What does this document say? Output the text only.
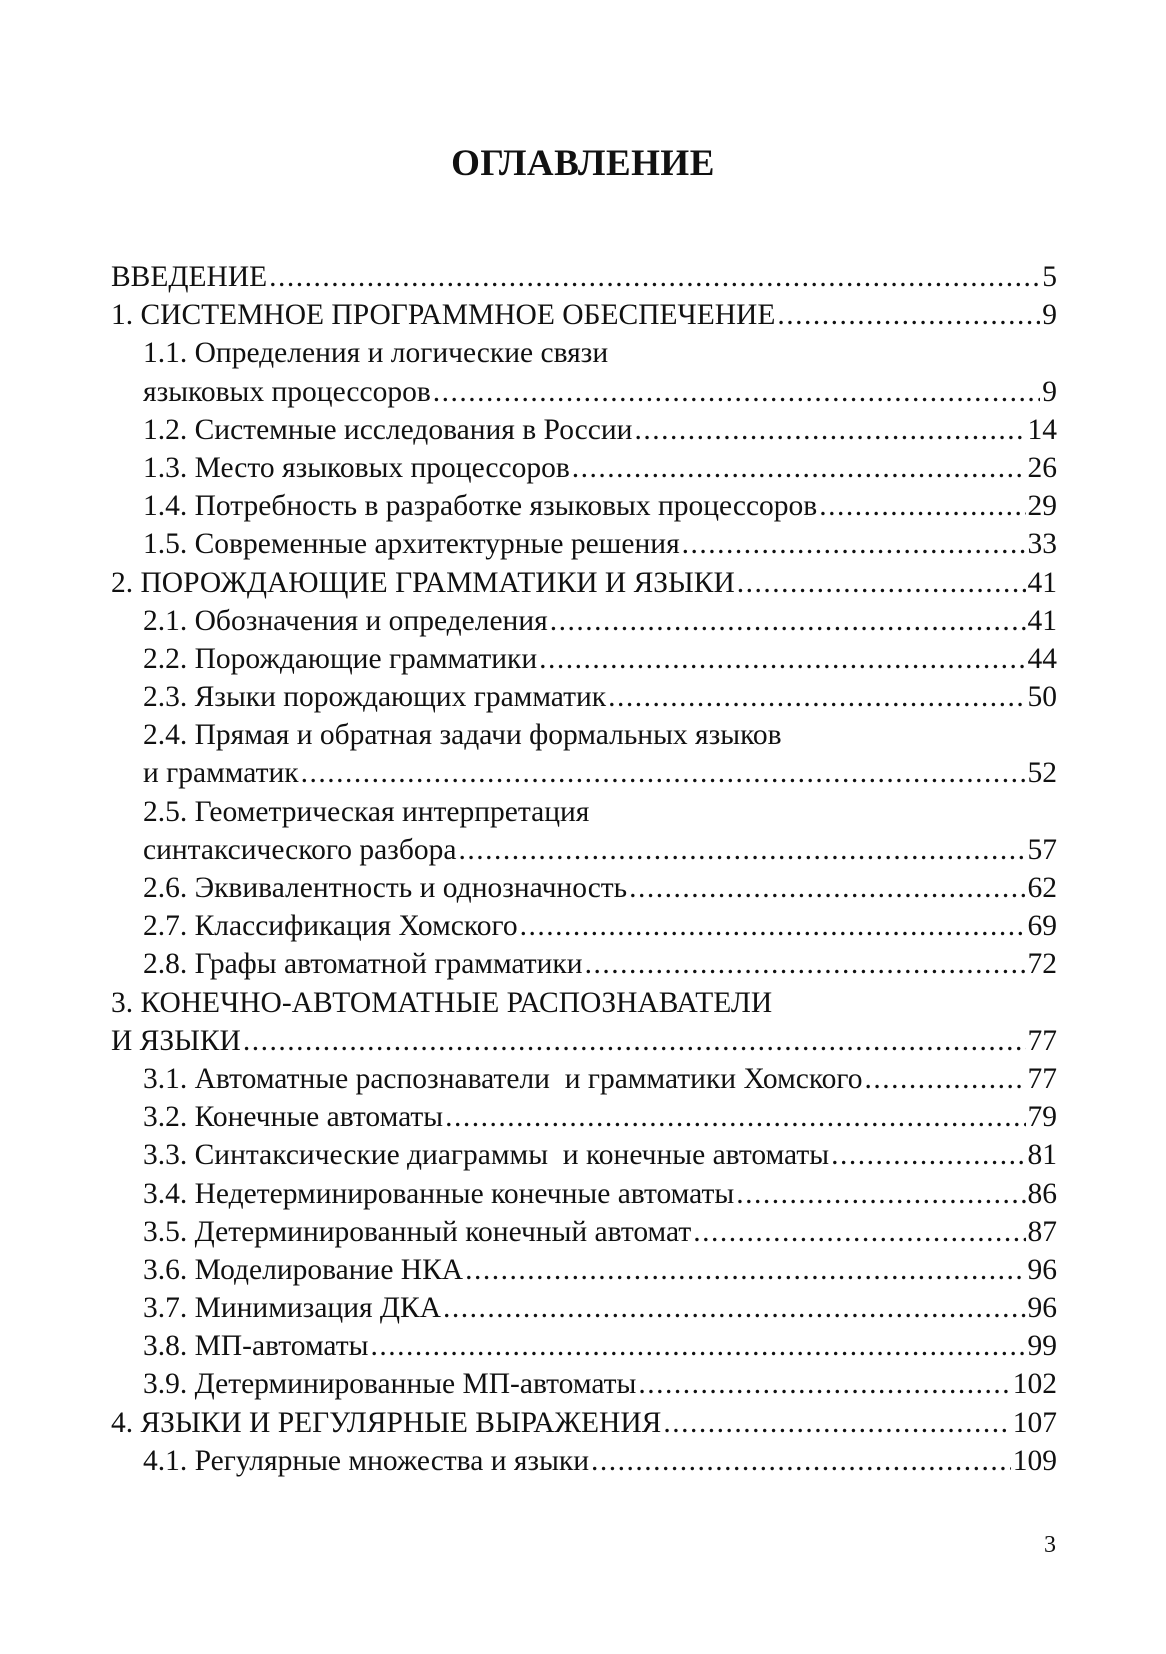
ОГЛАВЛЕНИЕ
ВВЕДЕНИЕ .....	5
1. СИСТЕМНОЕ ПРОГРАММНОЕ ОБЕСПЕЧЕНИЕ .....	9
1.1. Определения и логические связи
языковых процессоров .....	9
1.2. Системные исследования в России .....	14
1.3. Место языковых процессоров .....	26
1.4. Потребность в разработке языковых процессоров .....	29
1.5. Современные архитектурные решения .....	33
2. ПОРОЖДАЮЩИЕ ГРАММАТИКИ И ЯЗЫКИ .....	41
2.1. Обозначения и определения .....	41
2.2. Порождающие грамматики .....	44
2.3. Языки порождающих грамматик .....	50
2.4. Прямая и обратная задачи формальных языков
и грамматик .....	52
2.5. Геометрическая интерпретация
синтаксического разбора .....	57
2.6. Эквивалентность и однозначность .....	62
2.7. Классификация Хомского .....	69
2.8. Графы автоматной грамматики .....	72
3. КОНЕЧНО-АВТОМАТНЫЕ РАСПОЗНАВАТЕЛИ
И ЯЗЫКИ .....	77
3.1. Автоматные распознаватели  и грамматики Хомского .....	77
3.2. Конечные автоматы .....	79
3.3. Синтаксические диаграммы  и конечные автоматы .....	81
3.4. Недетерминированные конечные автоматы .....	86
3.5. Детерминированный конечный автомат .....	87
3.6. Моделирование НКА .....	96
3.7. Минимизация ДКА .....	96
3.8. МП-автоматы .....	99
3.9. Детерминированные МП-автоматы .....	102
4. ЯЗЫКИ И РЕГУЛЯРНЫЕ ВЫРАЖЕНИЯ .....	107
4.1. Регулярные множества и языки .....	109
3
